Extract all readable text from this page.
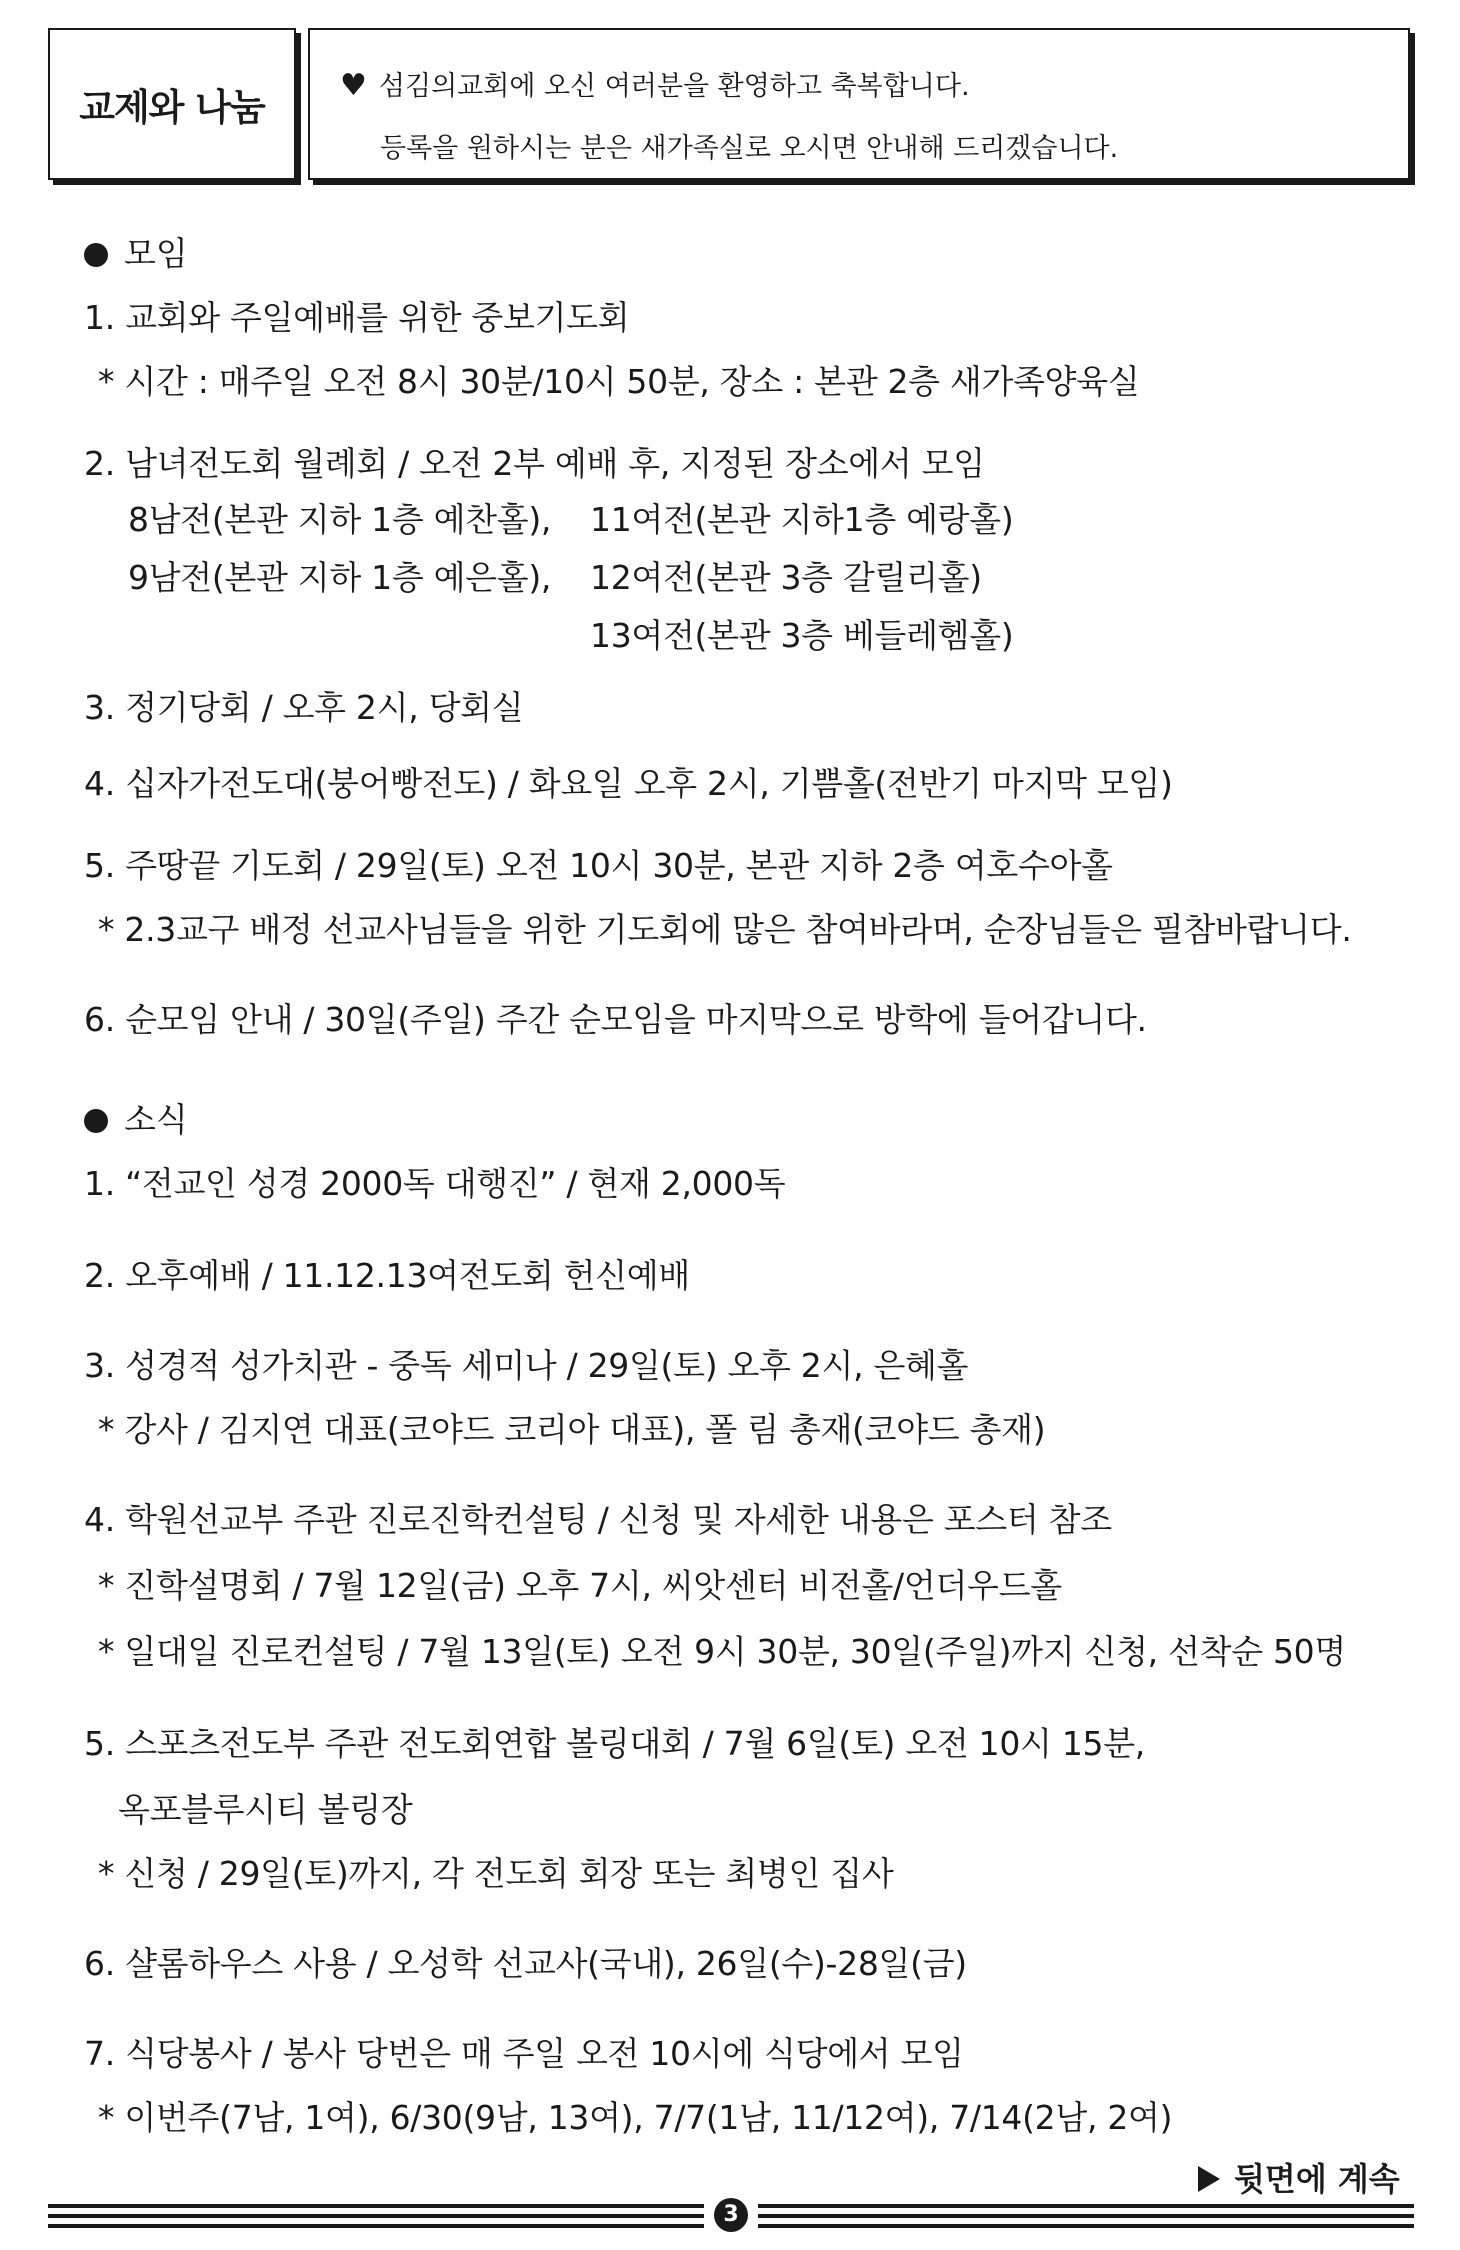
교제와 나눔
♥ 섬김의교회에 오신 여러분을 환영하고 축복합니다.
등록을 원하시는 분은 새가족실로 오시면 안내해 드리겠습니다.
모임
1. 교회와 주일예배를 위한 중보기도회
* 시간 : 매주일 오전 8시 30분/10시 50분, 장소 : 본관 2층 새가족양육실
2. 남녀전도회 월례회 / 오전 2부 예배 후, 지정된 장소에서 모임
8남전(본관 지하 1층 예찬홀), 11여전(본관 지하1층 예랑홀)
9남전(본관 지하 1층 예은홀), 12여전(본관 3층 갈릴리홀)
13여전(본관 3층 베들레헴홀)
3. 정기당회 / 오후 2시, 당회실
4. 십자가전도대(붕어빵전도) / 화요일 오후 2시, 기쁨홀(전반기 마지막 모임)
5. 주땅끝 기도회 / 29일(토) 오전 10시 30분, 본관 지하 2층 여호수아홀
* 2.3교구 배정 선교사님들을 위한 기도회에 많은 참여바라며, 순장님들은 필참바랍니다.
6. 순모임 안내 / 30일(주일) 주간 순모임을 마지막으로 방학에 들어갑니다.
소식
1. “전교인 성경 2000독 대행진” / 현재 2,000독
2. 오후예배 / 11.12.13여전도회 헌신예배
3. 성경적 성가치관 - 중독 세미나 / 29일(토) 오후 2시, 은혜홀
* 강사 / 김지연 대표(코야드 코리아 대표), 폴 림 총재(코야드 총재)
4. 학원선교부 주관 진로진학컨설팅 / 신청 및 자세한 내용은 포스터 참조
* 진학설명회 / 7월 12일(금) 오후 7시, 씨앗센터 비전홀/언더우드홀
* 일대일 진로컨설팅 / 7월 13일(토) 오전 9시 30분, 30일(주일)까지 신청, 선착순 50명
5. 스포츠전도부 주관 전도회연합 볼링대회 / 7월 6일(토) 오전 10시 15분,
옥포블루시티 볼링장
* 신청 / 29일(토)까지, 각 전도회 회장 또는 최병인 집사
6. 샬롬하우스 사용 / 오성학 선교사(국내), 26일(수)-28일(금)
7. 식당봉사 / 봉사 당번은 매 주일 오전 10시에 식당에서 모임
* 이번주(7남, 1여), 6/30(9남, 13여), 7/7(1남, 11/12여), 7/14(2남, 2여)
뒷면에 계속
3
